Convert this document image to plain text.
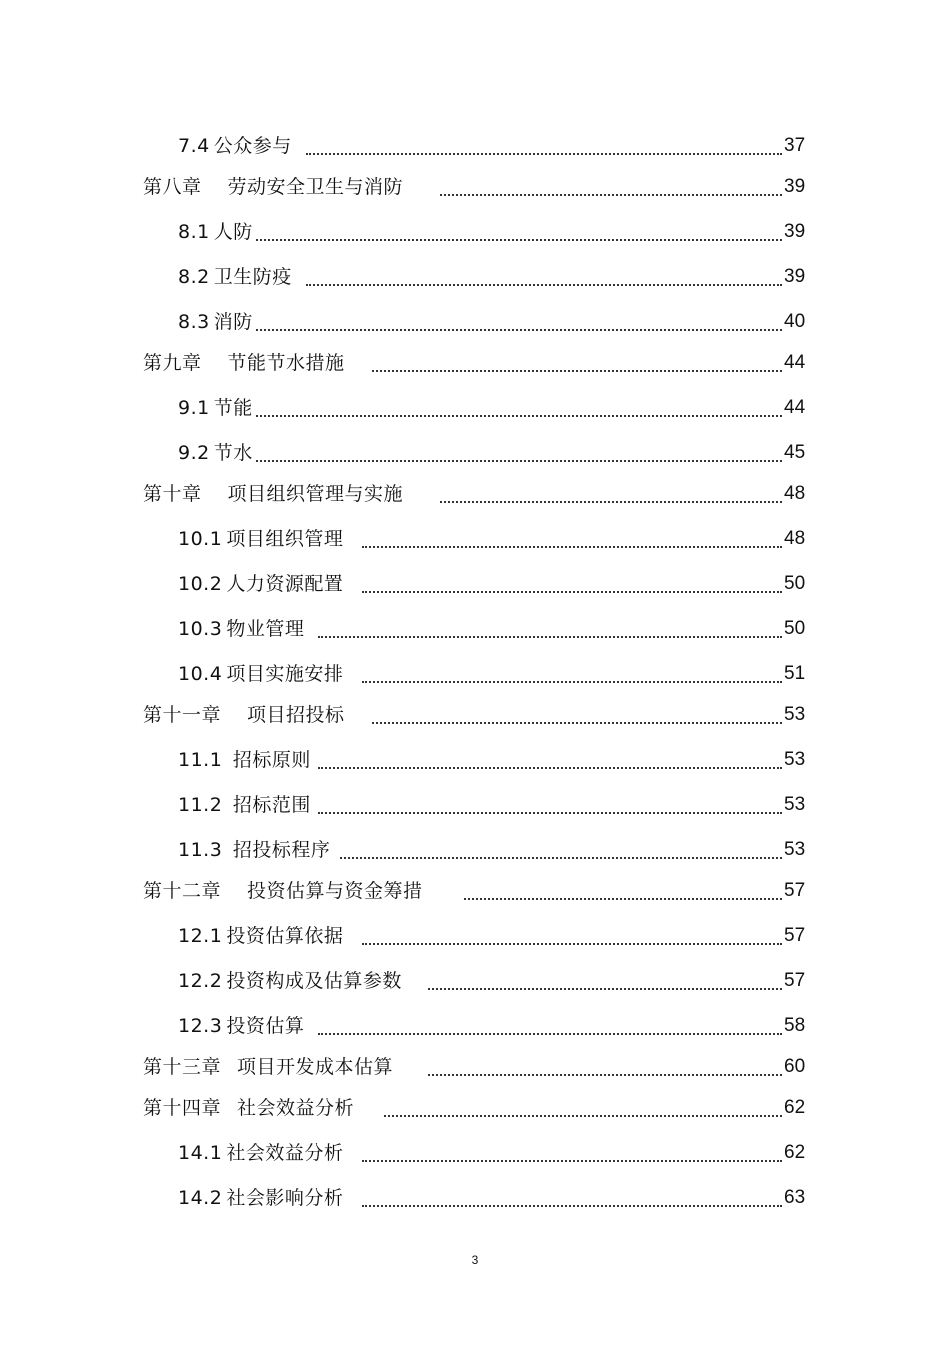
7.4 公众参与	37
第八章 劳动安全卫生与消防	39
8.1 人防	39
8.2 卫生防疫	39
8.3 消防	40
第九章 节能节水措施	44
9.1 节能	44
9.2 节水	45
第十章 项目组织管理与实施	48
10.1 项目组织管理	48
10.2 人力资源配置	50
10.3 物业管理	50
10.4 项目实施安排	51
第十一章 项目招投标	53
11.1 招标原则	53
11.2 招标范围	53
11.3 招投标程序	53
第十二章 投资估算与资金筹措	57
12.1 投资估算依据	57
12.2 投资构成及估算参数	57
12.3 投资估算	58
第十三章 项目开发成本估算	60
第十四章 社会效益分析	62
14.1 社会效益分析	62
14.2 社会影响分析	63
3
